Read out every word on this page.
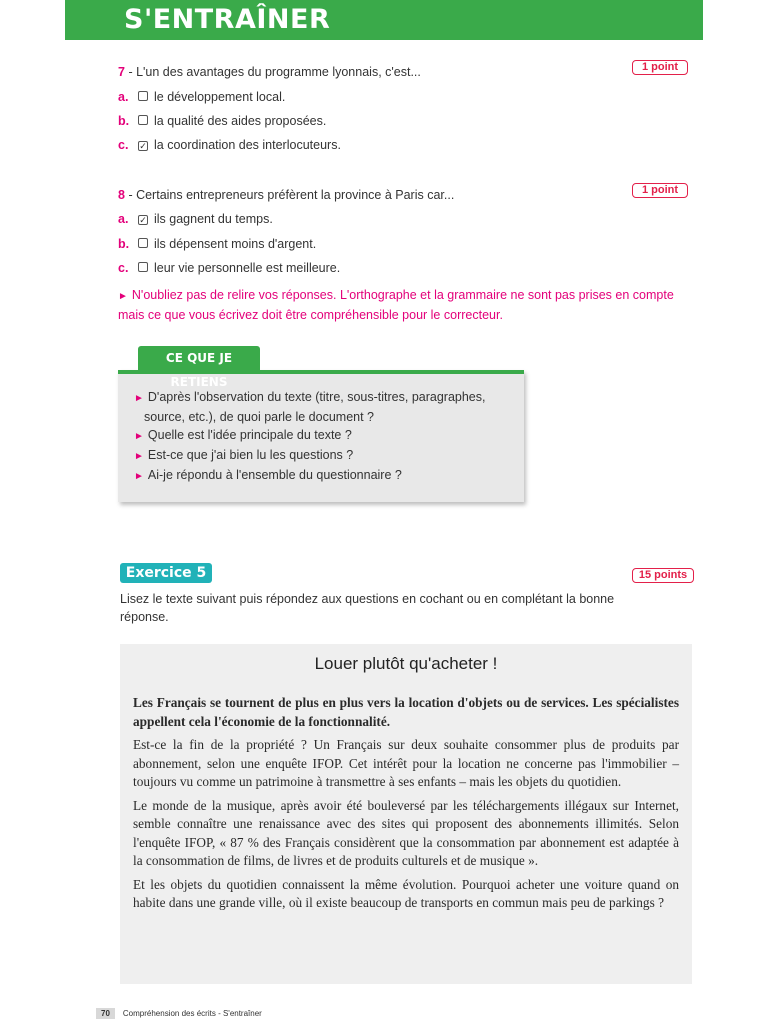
S'ENTRAÎNER
7 - L'un des avantages du programme lyonnais, c'est...	1 point
a. le développement local.
b. la qualité des aides proposées.
c. ✓ la coordination des interlocuteurs.
8 - Certains entrepreneurs préfèrent la province à Paris car...	1 point
a. ✓ ils gagnent du temps.
b. ils dépensent moins d'argent.
c. leur vie personnelle est meilleure.
► N'oubliez pas de relire vos réponses. L'orthographe et la grammaire ne sont pas prises en compte mais ce que vous écrivez doit être compréhensible pour le correcteur.
CE QUE JE RETIENS
► D'après l'observation du texte (titre, sous-titres, paragraphes, source, etc.), de quoi parle le document ?
► Quelle est l'idée principale du texte ?
► Est-ce que j'ai bien lu les questions ?
► Ai-je répondu à l'ensemble du questionnaire ?
Exercice 5	15 points
Lisez le texte suivant puis répondez aux questions en cochant ou en complétant la bonne réponse.
Louer plutôt qu'acheter !

Les Français se tournent de plus en plus vers la location d'objets ou de services. Les spécialistes appellent cela l'économie de la fonctionnalité.

Est-ce la fin de la propriété ? Un Français sur deux souhaite consommer plus de produits par abonnement, selon une enquête IFOP. Cet intérêt pour la location ne concerne pas l'immobilier – toujours vu comme un patrimoine à transmettre à ses enfants – mais les objets du quotidien.

Le monde de la musique, après avoir été bouleversé par les téléchargements illégaux sur Internet, semble connaître une renaissance avec des sites qui proposent des abonnements illimités. Selon l'enquête IFOP, « 87 % des Français considèrent que la consommation par abonnement est adaptée à la consommation de films, de livres et de produits culturels et de musique ».

Et les objets du quotidien connaissent la même évolution. Pourquoi acheter une voiture quand on habite dans une grande ville, où il existe beaucoup de transports en commun mais peu de parkings ?

70 Compréhension des écrits - S'entraîner
